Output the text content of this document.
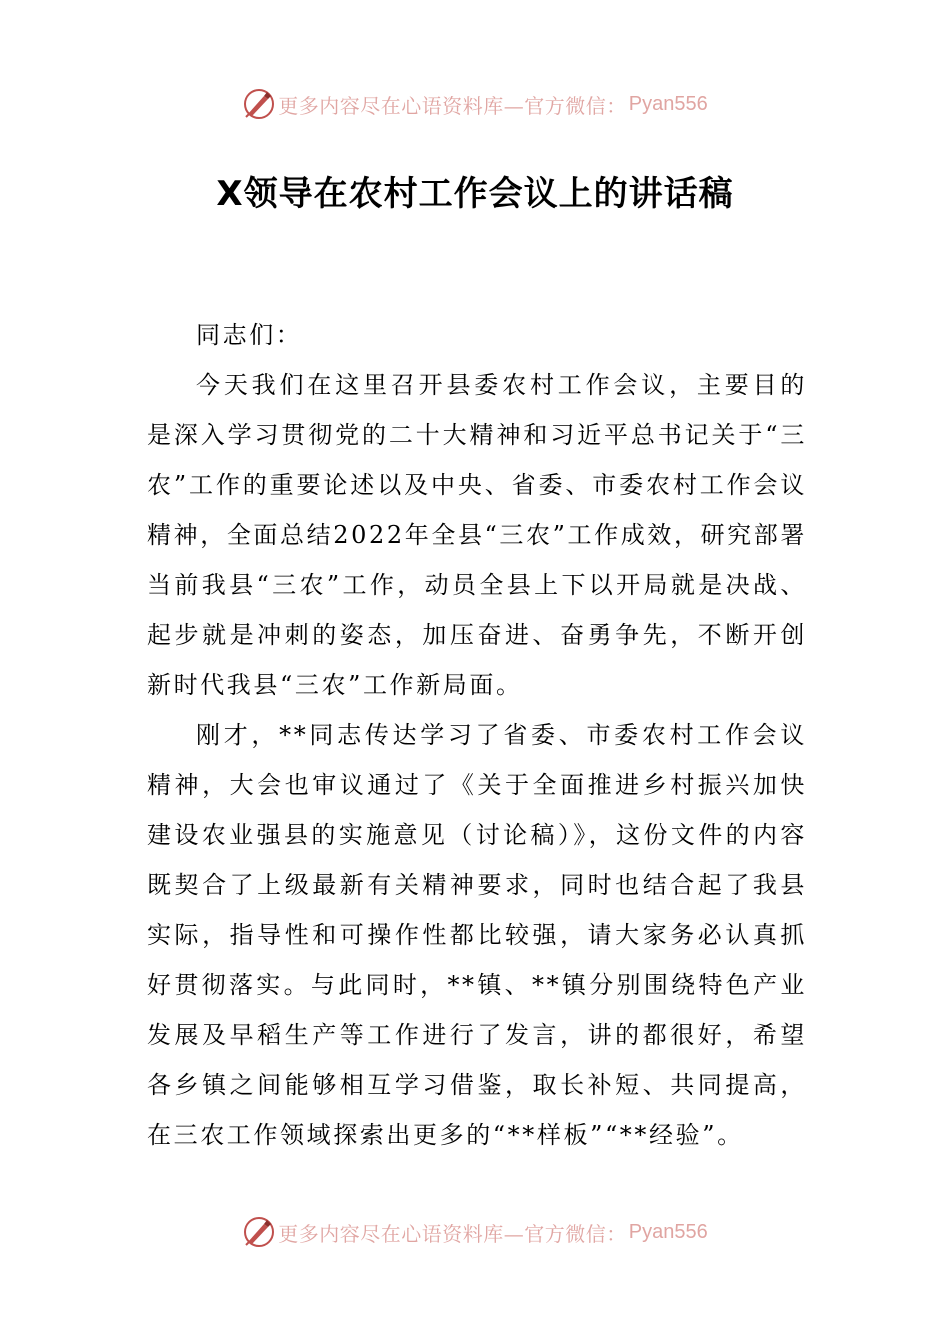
更多内容尽在心语资料库—官方微信： Pyan556
X领导在农村工作会议上的讲话稿

同志们：

今天我们在这里召开县委农村工作会议，主要目的是深入学习贯彻党的二十大精神和习近平总书记关于“三农”工作的重要论述以及中央、省委、市委农村工作会议精神，全面总结2022年全县“三农”工作成效，研究部署当前我县“三农”工作，动员全县上下以开局就是决战、起步就是冲刺的姿态，加压奋进、奋勇争先，不断开创新时代我县“三农”工作新局面。

刚才，**同志传达学习了省委、市委农村工作会议精神，大会也审议通过了《关于全面推进乡村振兴加快建设农业强县的实施意见（讨论稿）》，这份文件的内容既契合了上级最新有关精神要求，同时也结合起了我县实际，指导性和可操作性都比较强，请大家务必认真抓好贯彻落实。与此同时，**镇、**镇分别围绕特色产业发展及早稻生产等工作进行了发言，讲的都很好，希望各乡镇之间能够相互学习借鉴，取长补短、共同提高，在三农工作领域探索出更多的“**样板”“**经验”。

更多内容尽在心语资料库—官方微信： Pyan556
